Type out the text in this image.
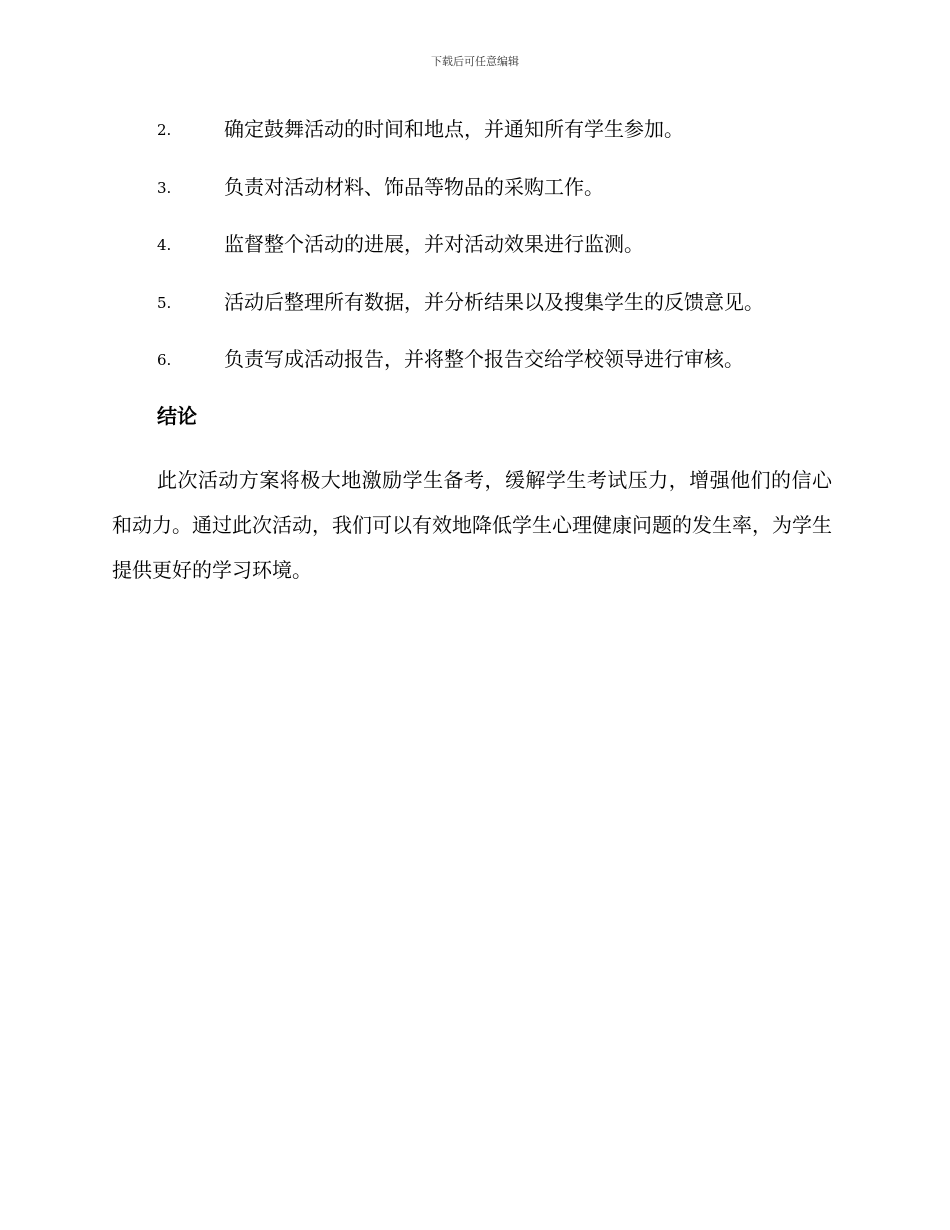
下载后可任意编辑
2.	确定鼓舞活动的时间和地点，并通知所有学生参加。
3.	负责对活动材料、饰品等物品的采购工作。
4.	监督整个活动的进展，并对活动效果进行监测。
5.	活动后整理所有数据，并分析结果以及搜集学生的反馈意见。
6.	负责写成活动报告，并将整个报告交给学校领导进行审核。
结论

此次活动方案将极大地激励学生备考，缓解学生考试压力，增强他们的信心和动力。通过此次活动，我们可以有效地降低学生心理健康问题的发生率，为学生提供更好的学习环境。
